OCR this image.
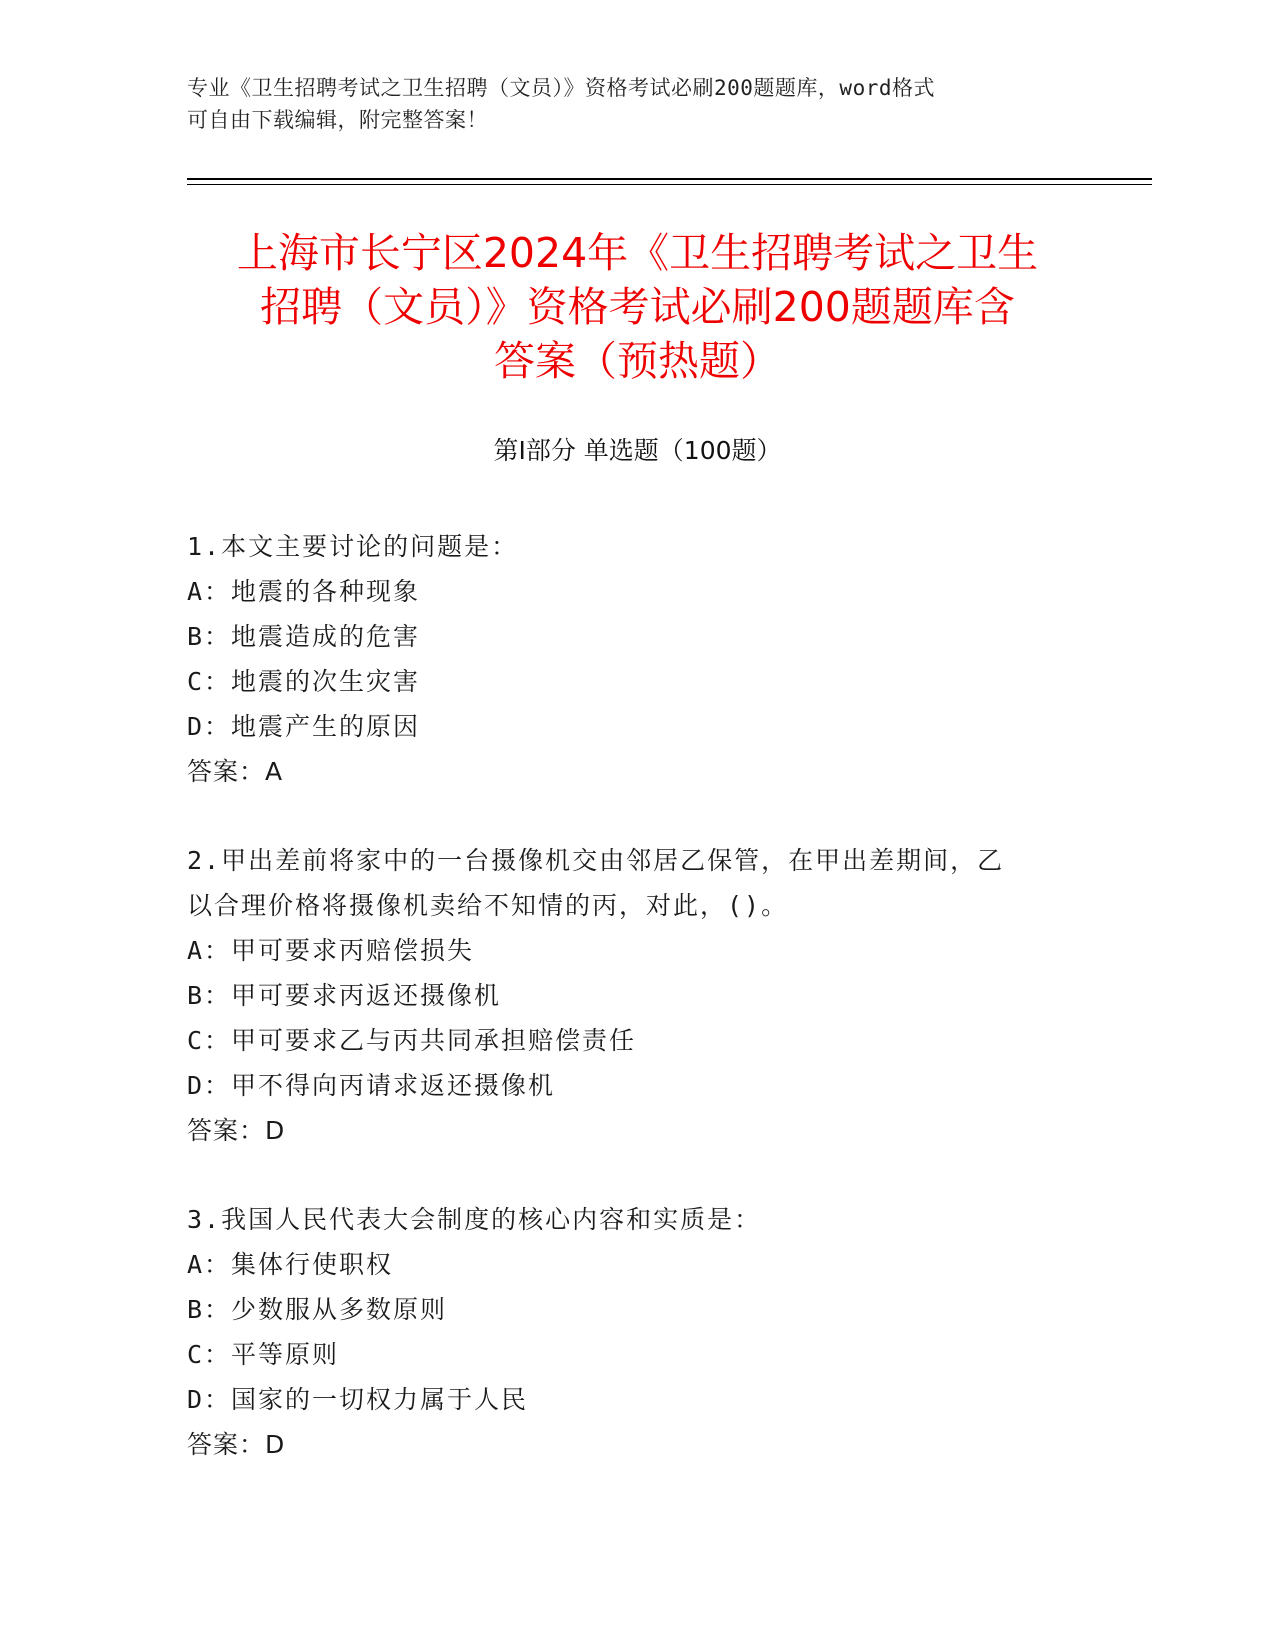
专业《卫生招聘考试之卫生招聘（文员）》资格考试必刷200题题库，word格式
可自由下载编辑，附完整答案！
上海市长宁区2024年《卫生招聘考试之卫生
招聘（文员）》资格考试必刷200题题库含
答案（预热题）
第Ⅰ部分 单选题（100题）
1.本文主要讨论的问题是：
A：地震的各种现象
B：地震造成的危害
C：地震的次生灾害
D：地震产生的原因
答案：A
2.甲出差前将家中的一台摄像机交由邻居乙保管，在甲出差期间，乙
以合理价格将摄像机卖给不知情的丙，对此，()。
A：甲可要求丙赔偿损失
B：甲可要求丙返还摄像机
C：甲可要求乙与丙共同承担赔偿责任
D：甲不得向丙请求返还摄像机
答案：D
3.我国人民代表大会制度的核心内容和实质是：
A：集体行使职权
B：少数服从多数原则
C：平等原则
D：国家的一切权力属于人民
答案：D
